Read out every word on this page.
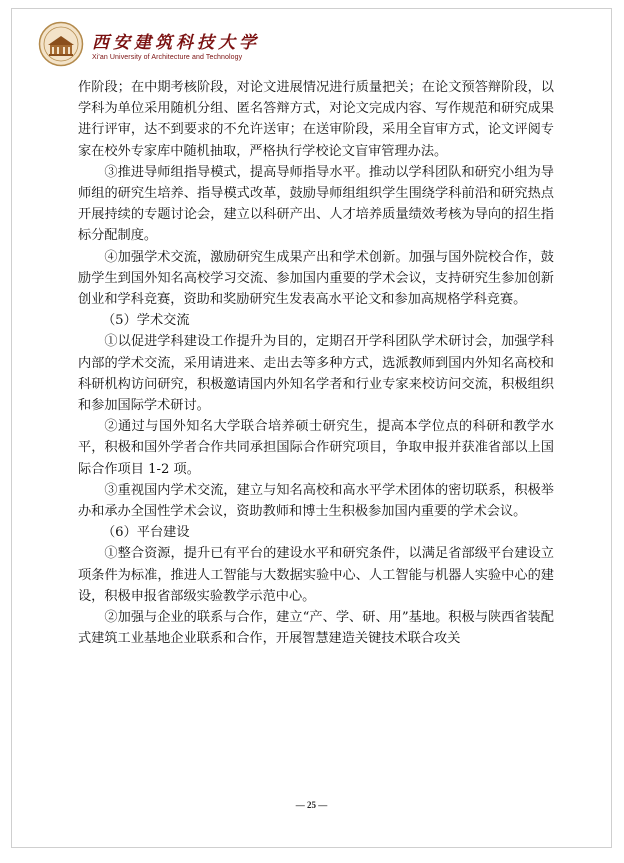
西安建筑科技大学
Xi'an University of Architecture and Technology

作阶段；在中期考核阶段，对论文进展情况进行质量把关；在论文预答辩阶段，以学科为单位采用随机分组、匿名答辩方式，对论文完成内容、写作规范和研究成果进行评审，达不到要求的不允许送审；在送审阶段，采用全盲审方式，论文评阅专家在校外专家库中随机抽取，严格执行学校论文盲审管理办法。

③推进导师组指导模式，提高导师指导水平。推动以学科团队和研究小组为导师组的研究生培养、指导模式改革，鼓励导师组组织学生围绕学科前沿和研究热点开展持续的专题讨论会，建立以科研产出、人才培养质量绩效考核为导向的招生指标分配制度。

④加强学术交流，激励研究生成果产出和学术创新。加强与国外院校合作，鼓励学生到国外知名高校学习交流、参加国内重要的学术会议，支持研究生参加创新创业和学科竞赛，资助和奖励研究生发表高水平论文和参加高规格学科竞赛。

（5）学术交流

①以促进学科建设工作提升为目的，定期召开学科团队学术研讨会，加强学科内部的学术交流，采用请进来、走出去等多种方式，选派教师到国内外知名高校和科研机构访问研究，积极邀请国内外知名学者和行业专家来校访问交流，积极组织和参加国际学术研讨。

②通过与国外知名大学联合培养硕士研究生，提高本学位点的科研和教学水平，积极和国外学者合作共同承担国际合作研究项目，争取申报并获准省部以上国际合作项目 1-2 项。

③重视国内学术交流，建立与知名高校和高水平学术团体的密切联系，积极举办和承办全国性学术会议，资助教师和博士生积极参加国内重要的学术会议。

（6）平台建设

①整合资源，提升已有平台的建设水平和研究条件，以满足省部级平台建设立项条件为标准，推进人工智能与大数据实验中心、人工智能与机器人实验中心的建设，积极申报省部级实验教学示范中心。

②加强与企业的联系与合作，建立“产、学、研、用”基地。积极与陕西省装配式建筑工业基地企业联系和合作，开展智慧建造关键技术联合攻关

— 25 —
